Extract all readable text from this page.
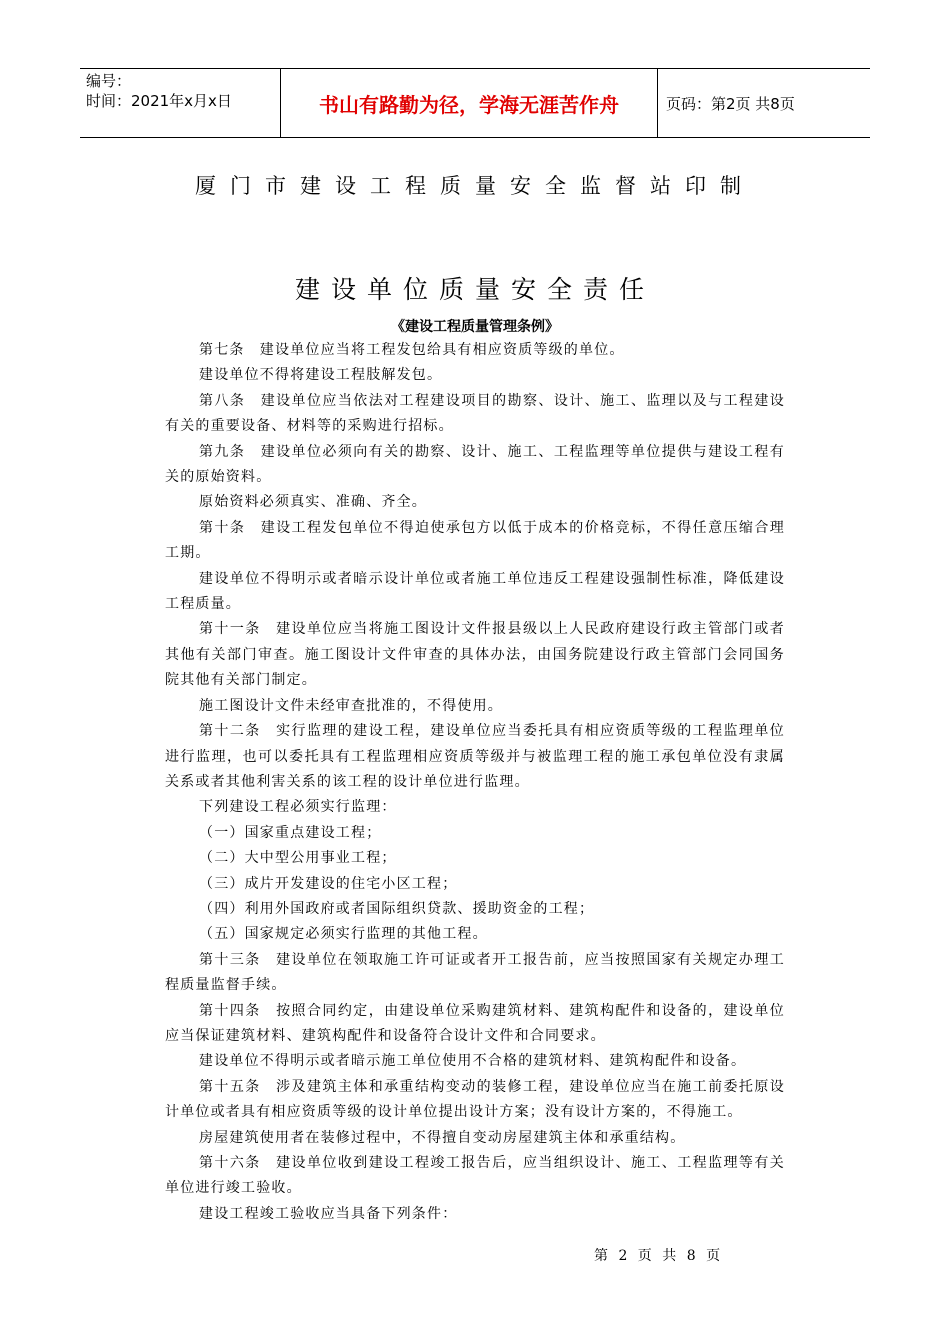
编号：
时间：2021年x月x日	书山有路勤为径，学海无涯苦作舟	页码：第2页 共8页
厦门市建设工程质量安全监督站印制
建设单位质量安全责任
《建设工程质量管理条例》

第七条　建设单位应当将工程发包给具有相应资质等级的单位。

建设单位不得将建设工程肢解发包。

第八条　建设单位应当依法对工程建设项目的勘察、设计、施工、监理以及与工程建设有关的重要设备、材料等的采购进行招标。

第九条　建设单位必须向有关的勘察、设计、施工、工程监理等单位提供与建设工程有关的原始资料。

原始资料必须真实、准确、齐全。

第十条　建设工程发包单位不得迫使承包方以低于成本的价格竞标，不得任意压缩合理工期。

建设单位不得明示或者暗示设计单位或者施工单位违反工程建设强制性标准，降低建设工程质量。

第十一条　建设单位应当将施工图设计文件报县级以上人民政府建设行政主管部门或者其他有关部门审查。施工图设计文件审查的具体办法，由国务院建设行政主管部门会同国务院其他有关部门制定。

施工图设计文件未经审查批准的，不得使用。

第十二条　实行监理的建设工程，建设单位应当委托具有相应资质等级的工程监理单位进行监理，也可以委托具有工程监理相应资质等级并与被监理工程的施工承包单位没有隶属关系或者其他利害关系的该工程的设计单位进行监理。

下列建设工程必须实行监理：

（一）国家重点建设工程；

（二）大中型公用事业工程；

（三）成片开发建设的住宅小区工程；

（四）利用外国政府或者国际组织贷款、援助资金的工程；

（五）国家规定必须实行监理的其他工程。

第十三条　建设单位在领取施工许可证或者开工报告前，应当按照国家有关规定办理工程质量监督手续。

第十四条　按照合同约定，由建设单位采购建筑材料、建筑构配件和设备的，建设单位应当保证建筑材料、建筑构配件和设备符合设计文件和合同要求。

建设单位不得明示或者暗示施工单位使用不合格的建筑材料、建筑构配件和设备。

第十五条　涉及建筑主体和承重结构变动的装修工程，建设单位应当在施工前委托原设计单位或者具有相应资质等级的设计单位提出设计方案；没有设计方案的，不得施工。

房屋建筑使用者在装修过程中，不得擅自变动房屋建筑主体和承重结构。

第十六条　建设单位收到建设工程竣工报告后，应当组织设计、施工、工程监理等有关单位进行竣工验收。

建设工程竣工验收应当具备下列条件：

第 2 页 共 8 页
